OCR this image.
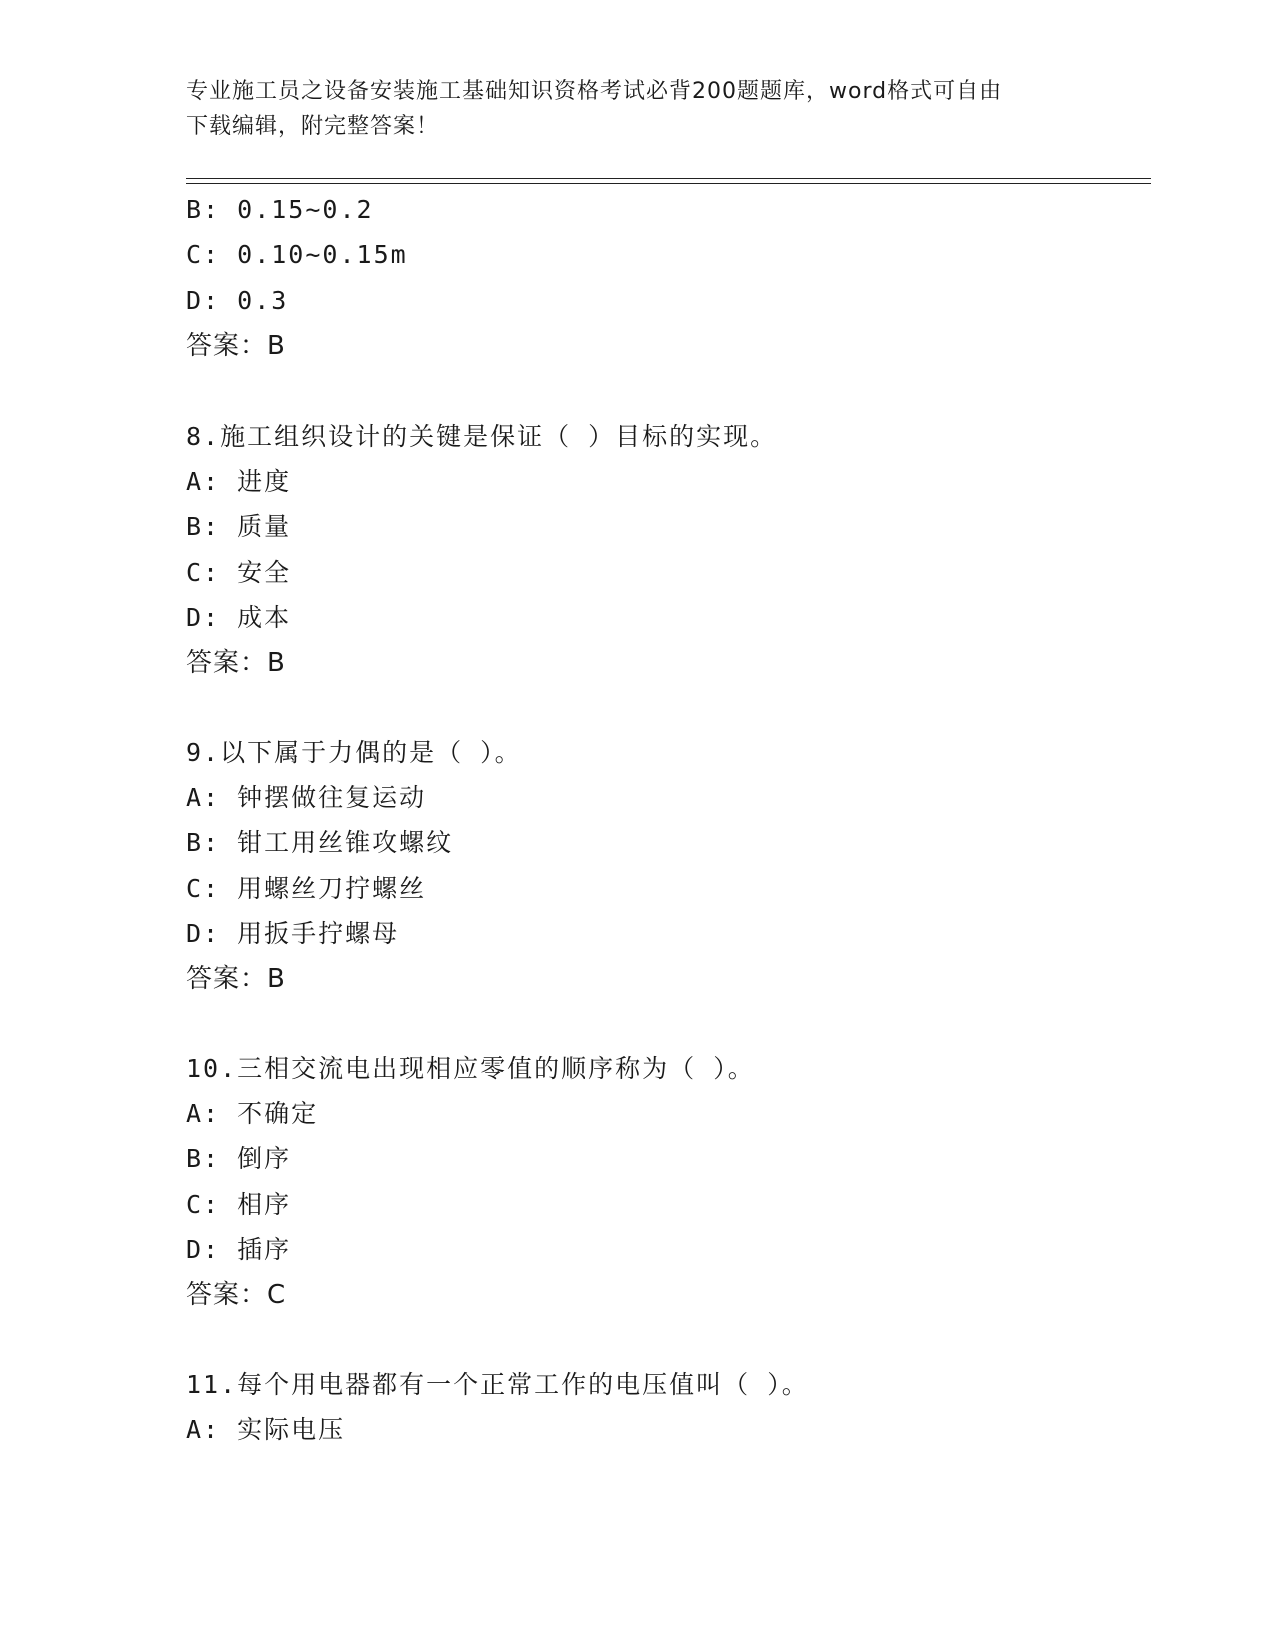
专业施工员之设备安装施工基础知识资格考试必背200题题库，word格式可自由
下载编辑，附完整答案！
B: 0.15~0.2
C: 0.10~0.15m
D: 0.3
答案：B
8.施工组织设计的关键是保证（ ）目标的实现。
A: 进度
B: 质量
C: 安全
D: 成本
答案：B
9.以下属于力偶的是（ ）。
A: 钟摆做往复运动
B: 钳工用丝锥攻螺纹
C: 用螺丝刀拧螺丝
D: 用扳手拧螺母
答案：B
10.三相交流电出现相应零值的顺序称为（ ）。
A: 不确定
B: 倒序
C: 相序
D: 插序
答案：C
11.每个用电器都有一个正常工作的电压值叫（ ）。
A: 实际电压
